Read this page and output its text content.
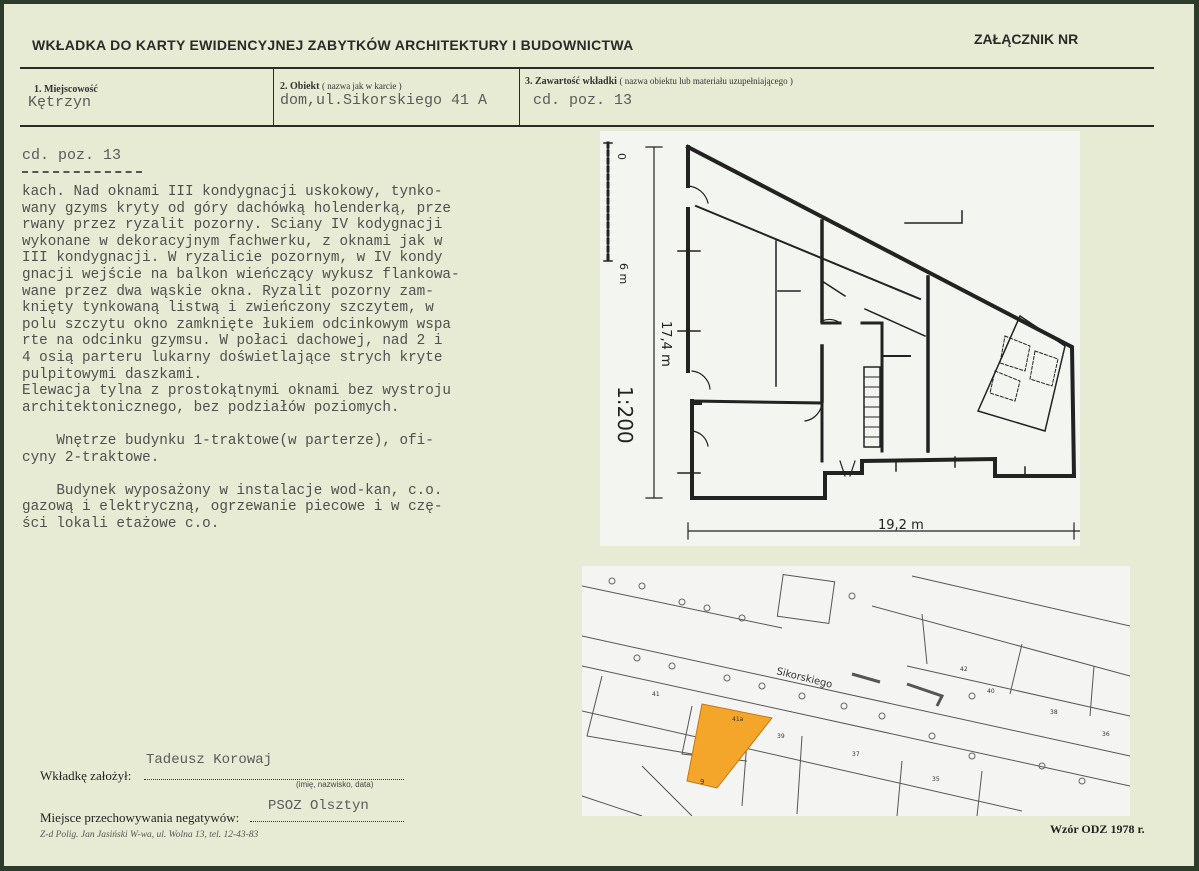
WKŁADKA DO KARTY EWIDENCYJNEJ ZABYTKÓW ARCHITEKTURY I BUDOWNICTWA	ZAŁĄCZNIK NR
1. Miejscowość
Kętrzyn
2. Obiekt ( nazwa jak w karcie )
dom,ul.Sikorskiego 41 A
3. Zawartość wkładki ( nazwa obiektu lub materiału uzupełniającego )
cd. poz. 13
cd. poz. 13
kach. Nad oknami III kondygnacji uskokowy, tynko-
wany gzyms kryty od góry dachówką holenderką, prze
rwany przez ryzalit pozorny. Sciany IV kodygnacji
wykonane w dekoracyjnym fachwerku, z oknami jak w
III kondygnacji. W ryzalicie pozornym, w IV kondy
gnacji wejście na balkon wieńczący wykusz flankowa-
wane przez dwa wąskie okna. Ryzalit pozorny zam-
knięty tynkowaną listwą i zwieńczony szczytem, w
polu szczytu okno zamknięte łukiem odcinkowym wspa
rte na odcinku gzymsu. W połaci dachowej, nad 2 i
4 osią parteru lukarny doświetlające strych kryte
pulpitowymi daszkami.
Elewacja tylna z prostokątnymi oknami bez wystroju
architektonicznego, bez podziałów poziomych.

Wnętrze budynku 1-traktowe(w parterze), ofi-
cyny 2-traktowe.

Budynek wyposażony w instalacje wod-kan, c.o.
gazową i elektryczną, ogrzewanie piecowe i w czę-
ści lokali etażowe c.o.
0
6 m
17,4 m
1:200
19,2 m
Sikorskiego
41
41a
39
37
35
42
40
38
36
9
Tadeusz Korowaj
Wkładkę założył:
(imię, nazwisko, data)
PSOZ Olsztyn
Miejsce przechowywania negatywów:
Z-d Polig. Jan Jasiński W-wa, ul. Wolna 13, tel. 12-43-83	Wzór ODZ 1978 r.
